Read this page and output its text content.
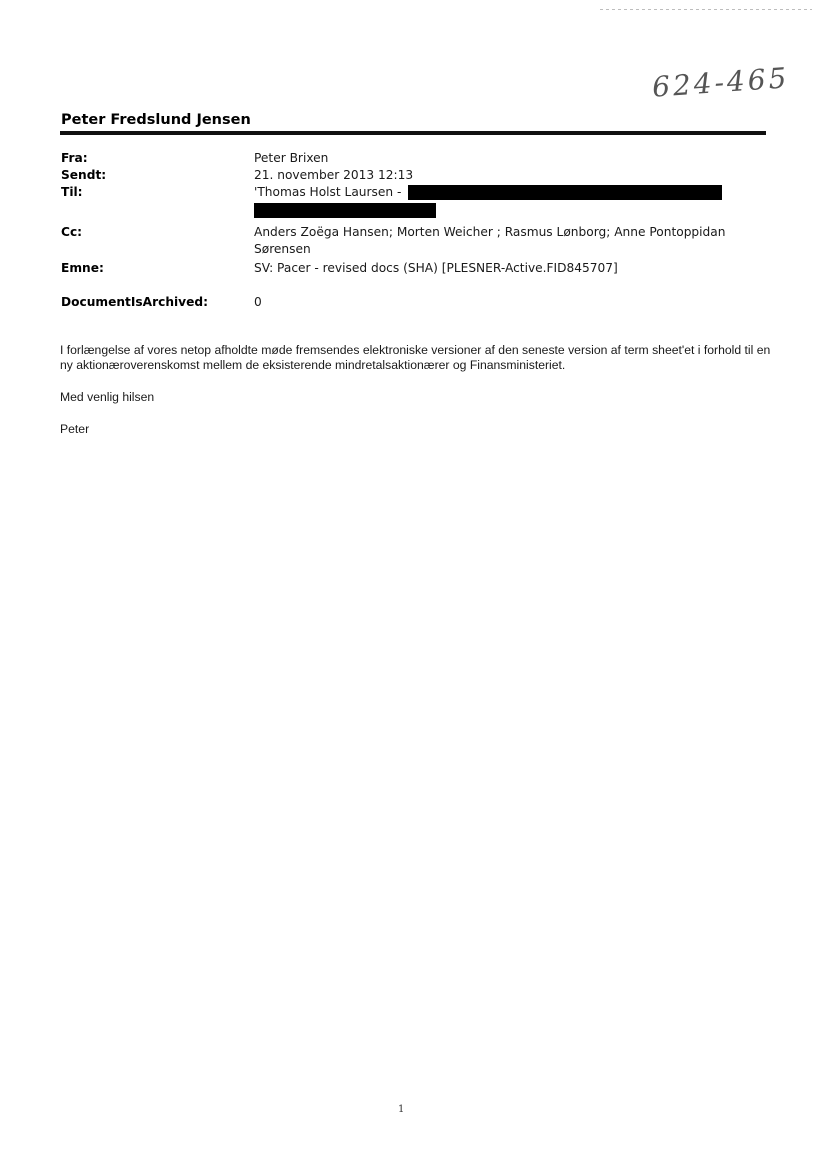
624-465
Peter Fredslund Jensen
Fra:	Peter Brixen
Sendt:	21. november 2013 12:13
Til:	'Thomas Holst Laursen -

Cc:	Anders Zoëga Hansen; Morten Weicher ; Rasmus Lønborg; Anne Pontoppidan Sørensen
Emne:	SV: Pacer - revised docs (SHA) [PLESNER-Active.FID845707]
DocumentIsArchived:	0

I forlængelse af vores netop afholdte møde fremsendes elektroniske versioner af den seneste version af term sheet'et i forhold til en ny aktionæroverenskomst mellem de eksisterende mindretalsaktionærer og Finansministeriet.

Med venlig hilsen

Peter

1
